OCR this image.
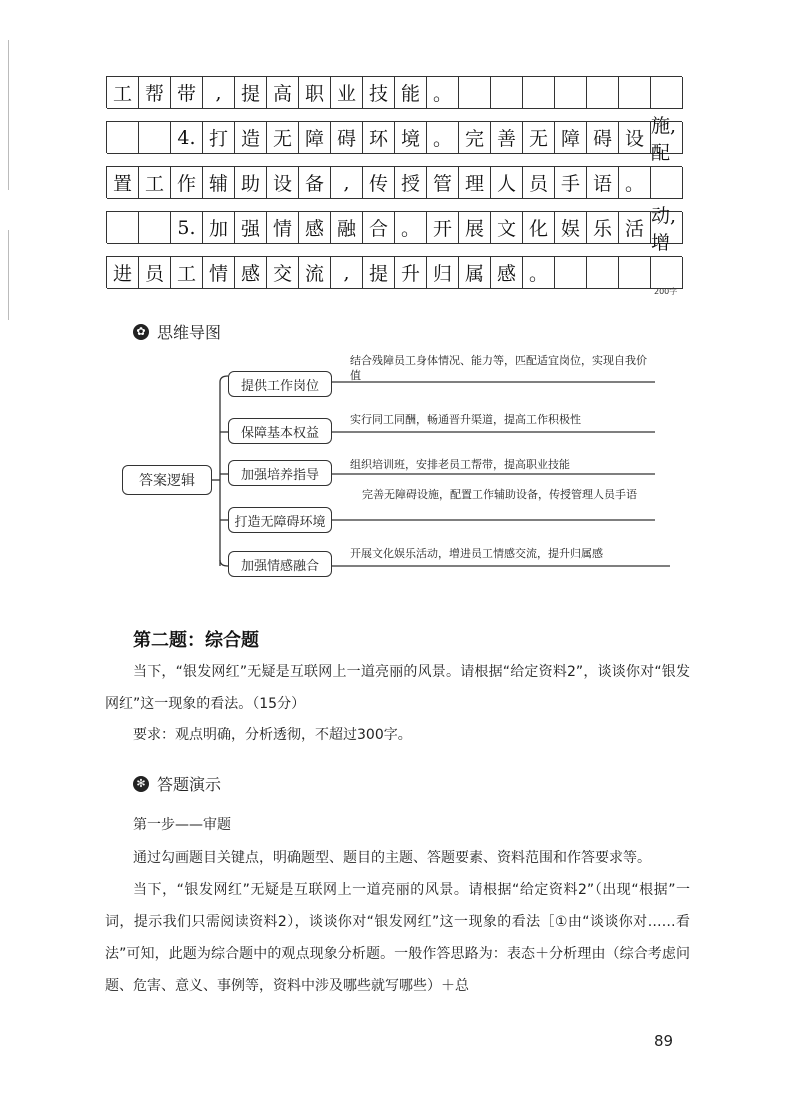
工 帮 带	,	提 高 职 业 技 能 。
4. 打 造 无 障 碍 环 境 。 完 善 无 障 碍 设
施,配
置 工 作 辅 助 设 备	,	传 授 管 理 人 员 手 语 。
5. 加 强 情 感 融 合 。 开 展 文 化 娱 乐 活
动,增
进 员 工 情 感 交 流	,	提 升 归 属 感 。
200字
✿ 思维导图
答案逻辑
提供工作岗位
结合残障员工身体情况、能力等，匹配适宜岗位，实现自我价值
保障基本权益
实行同工同酬，畅通晋升渠道，提高工作积极性
加强培养指导
组织培训班，安排老员工帮带，提高职业技能
打造无障碍环境
完善无障碍设施，配置工作辅助设备，传授管理人员手语
加强情感融合
开展文化娱乐活动，增进员工情感交流，提升归属感
第二题：综合题
当下，“银发网红”无疑是互联网上一道亮丽的风景。请根据“给定资料2”，谈谈你对“银发网红”这一现象的看法。（15分）
要求：观点明确，分析透彻，不超过300字。
✻ 答题演示
第一步——审题
通过勾画题目关键点，明确题型、题目的主题、答题要素、资料范围和作答要求等。
当下，“银发网红”无疑是互联网上一道亮丽的风景。请根据“给定资料2”（出现“根据”一词，提示我们只需阅读资料2），谈谈你对“银发网红”这一现象的看法［①由“谈谈你对……看法”可知，此题为综合题中的观点现象分析题。一般作答思路为：表态＋分析理由（综合考虑问题、危害、意义、事例等，资料中涉及哪些就写哪些）＋总
89
